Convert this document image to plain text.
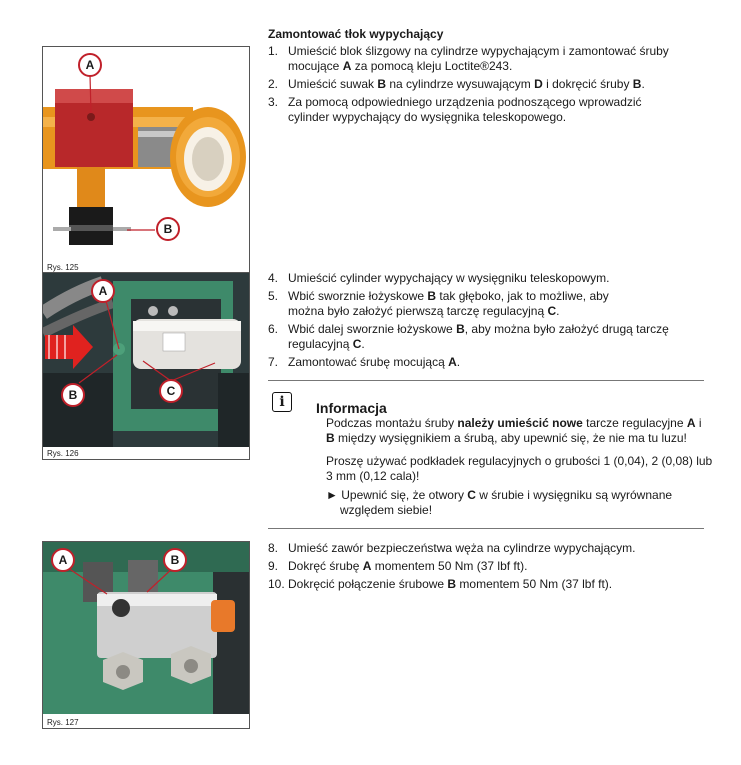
Zamontować tłok wypychający
1. Umieścić blok ślizgowy na cylindrze wypychającym i zamontować śruby
mocujące A za pomocą kleju Loctite®243.
2. Umieścić suwak B na cylindrze wysuwającym D i dokręcić śruby B.
3. Za pomocą odpowiedniego urządzenia podnoszącego wprowadzić
cylinder wypychający do wysięgnika teleskopowego.
A
B
Rys. 125
A
B	C
Rys. 126
4. Umieścić cylinder wypychający w wysięgniku teleskopowym.
5. Wbić sworznie łożyskowe B tak głęboko, jak to możliwe, aby
można było założyć pierwszą tarczę regulacyjną C.
6. Wbić dalej sworznie łożyskowe B, aby można było założyć drugą tarczę
regulacyjną C.
7. Zamontować śrubę mocującą A.
i	Informacja
Podczas montażu śruby należy umieścić nowe tarcze regulacyjne A i
B między wysięgnikiem a śrubą, aby upewnić się, że nie ma tu luzu!
Proszę używać podkładek regulacyjnych o grubości 1 (0,04), 2 (0,08) lub
3 mm (0,12 cala)!
► Upewnić się, że otwory C w śrubie i wysięgniku są wyrównane
względem siebie!
A	B
Rys. 127
8. Umieść zawór bezpieczeństwa węża na cylindrze wypychającym.
9. Dokręć śrubę A momentem 50 Nm (37 lbf ft).
10. Dokręcić połączenie śrubowe B momentem 50 Nm (37 lbf ft).
